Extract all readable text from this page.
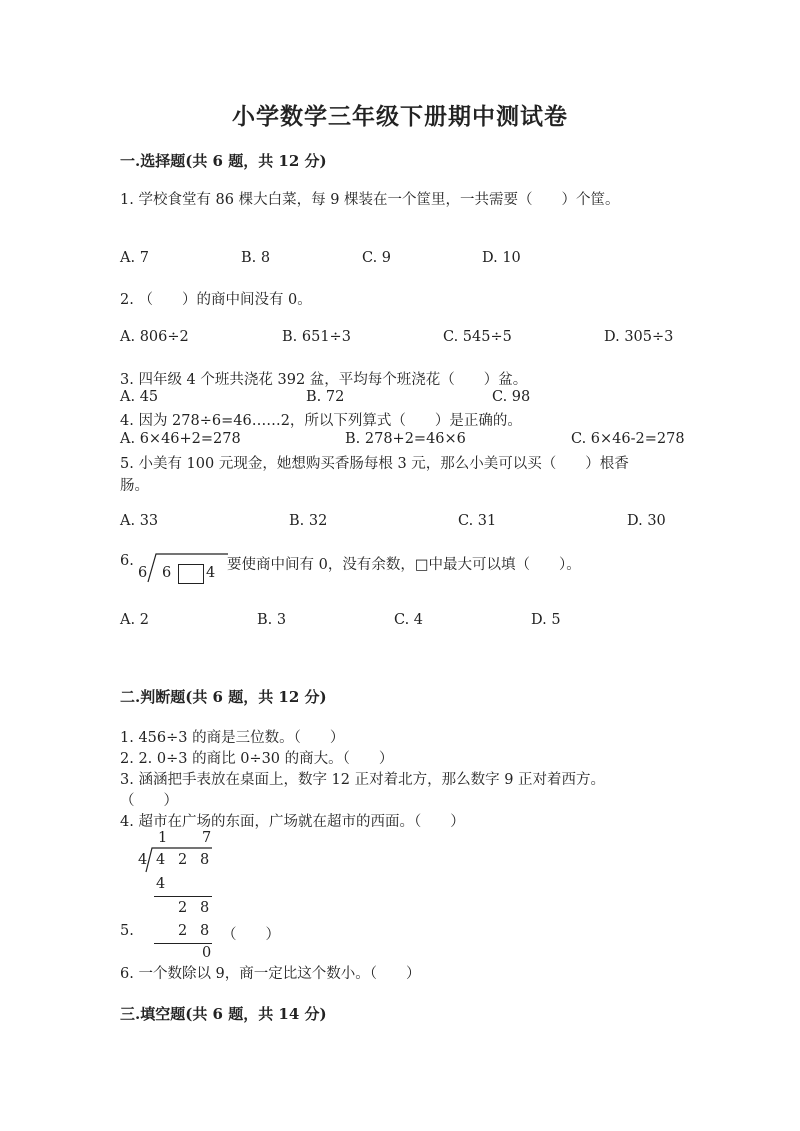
小学数学三年级下册期中测试卷
一.选择题(共 6 题，共 12 分)
1. 学校食堂有 86 棵大白菜，每 9 棵装在一个筐里，一共需要（　　）个筐。
A. 7	B. 8	C. 9	D. 10
2. （　　）的商中间没有 0。
A. 806÷2	B. 651÷3	C. 545÷5	D. 305÷3
3. 四年级 4 个班共浇花 392 盆，平均每个班浇花（　　）盆。
A. 45	B. 72	C. 98
4. 因为 278÷6=46……2，所以下列算式（　　）是正确的。
A. 6×46+2=278	B. 278+2=46×6	C. 6×46-2=278
5. 小美有 100 元现金，她想购买香肠每根 3 元，那么小美可以买（　　）根香
肠。
A. 33	B. 32	C. 31	D. 30
6.
6 6 4 要使商中间有 0，没有余数，□中最大可以填（　　）。
A. 2	B. 3	C. 4	D. 5
二.判断题(共 6 题，共 12 分)
1. 456÷3 的商是三位数。（　　）
2. 2. 0÷3 的商比 0÷30 的商大。（　　）
3. 涵涵把手表放在桌面上，数字 12 正对着北方，那么数字 9 正对着西方。
（　　）
4. 超市在广场的东面，广场就在超市的西面。（　　）
1 7
4 4 2 8
4
2 8
2 8
0
5.	（　　）
6. 一个数除以 9，商一定比这个数小。（　　）
三.填空题(共 6 题，共 14 分)
